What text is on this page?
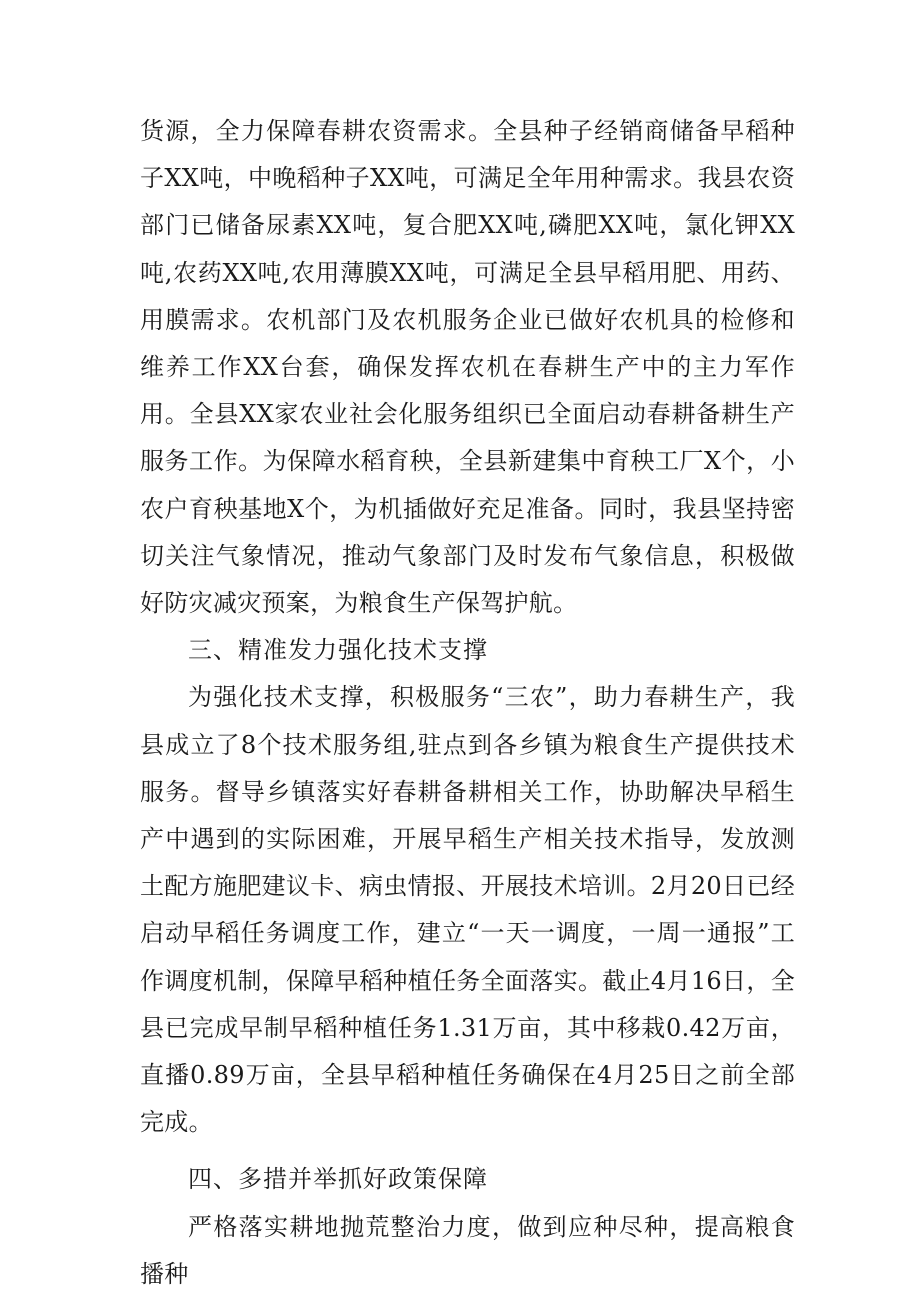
货源，全力保障春耕农资需求。全县种子经销商储备早稻种子XX吨，中晚稻种子XX吨，可满足全年用种需求。我县农资部门已储备尿素XX吨，复合肥XX吨,磷肥XX吨，氯化钾XX吨,农药XX吨,农用薄膜XX吨，可满足全县早稻用肥、用药、用膜需求。农机部门及农机服务企业已做好农机具的检修和维养工作XX台套，确保发挥农机在春耕生产中的主力军作用。全县XX家农业社会化服务组织已全面启动春耕备耕生产服务工作。为保障水稻育秧，全县新建集中育秧工厂X个，小农户育秧基地X个，为机插做好充足准备。同时，我县坚持密切关注气象情况，推动气象部门及时发布气象信息，积极做好防灾减灾预案，为粮食生产保驾护航。

三、精准发力强化技术支撑

为强化技术支撑，积极服务“三农”，助力春耕生产，我县成立了8个技术服务组,驻点到各乡镇为粮食生产提供技术服务。督导乡镇落实好春耕备耕相关工作，协助解决早稻生产中遇到的实际困难，开展早稻生产相关技术指导，发放测土配方施肥建议卡、病虫情报、开展技术培训。2月20日已经启动早稻任务调度工作，建立“一天一调度，一周一通报”工作调度机制，保障早稻种植任务全面落实。截止4月16日，全县已完成早制早稻种植任务1.31万亩，其中移栽0.42万亩，直播0.89万亩，全县早稻种植任务确保在4月25日之前全部完成。

四、多措并举抓好政策保障

严格落实耕地抛荒整治力度，做到应种尽种，提高粮食播种
